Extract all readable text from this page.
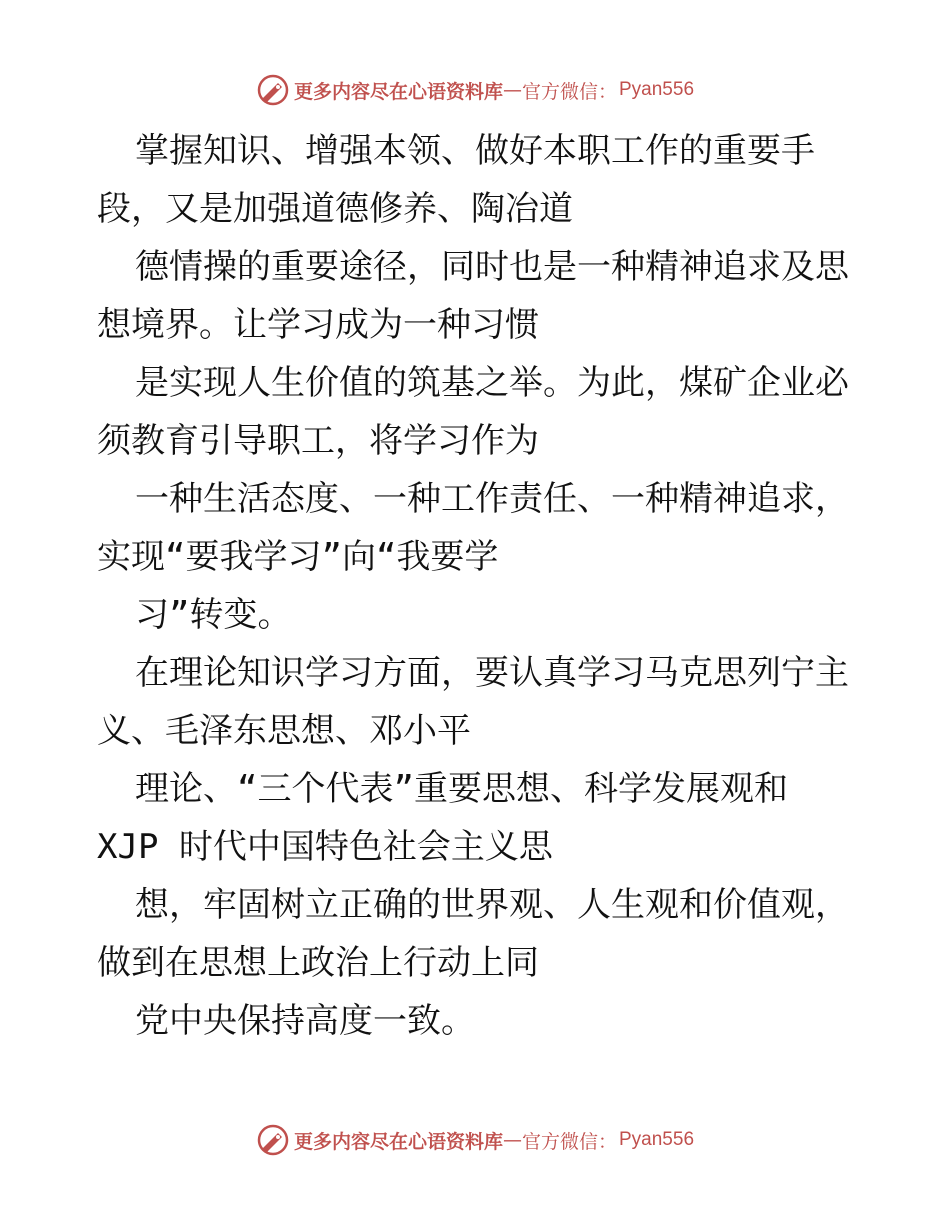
更多内容尽在心语资料库 — 官方微信： Pyan556
掌握知识、增强本领、做好本职工作的重要手
段，又是加强道德修养、陶冶道
德情操的重要途径，同时也是一种精神追求及思
想境界。让学习成为一种习惯
是实现人生价值的筑基之举。为此，煤矿企业必
须教育引导职工，将学习作为
一种生活态度、一种工作责任、一种精神追求，
实现“要我学习”向“我要学
习”转变。
在理论知识学习方面，要认真学习马克思列宁主
义、毛泽东思想、邓小平
理论、“三个代表”重要思想、科学发展观和
XJP 时代中国特色社会主义思
想，牢固树立正确的世界观、人生观和价值观，
做到在思想上政治上行动上同
党中央保持高度一致。
更多内容尽在心语资料库 — 官方微信： Pyan556
